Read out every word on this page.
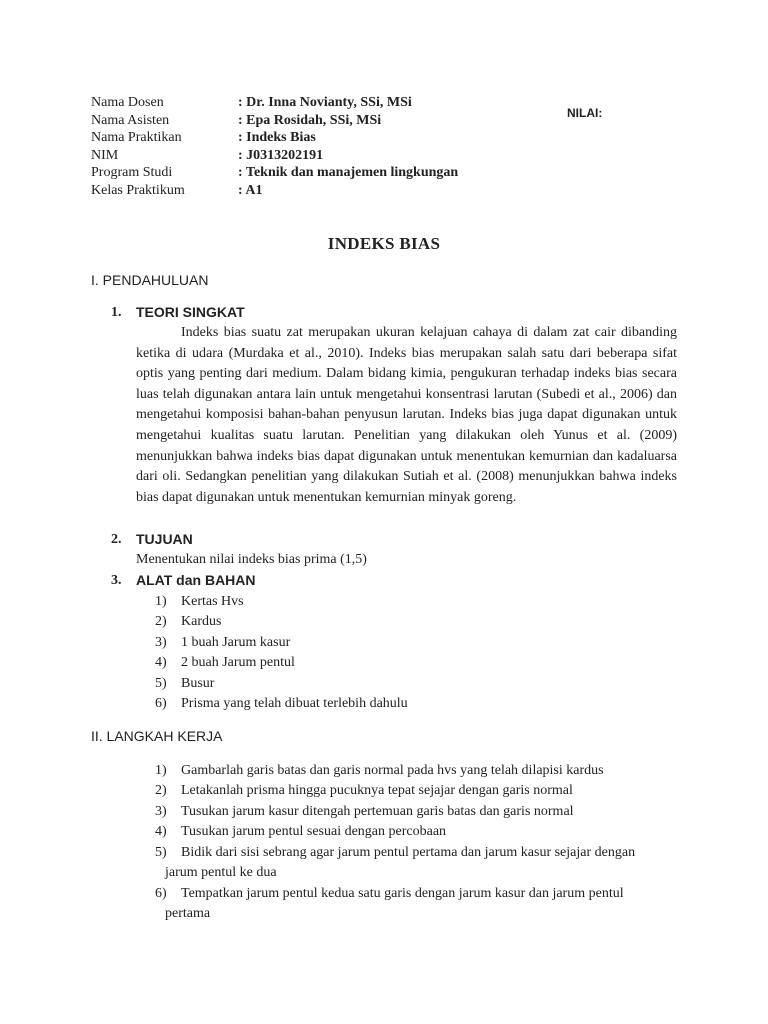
Nama Dosen	: Dr. Inna Novianty, SSi, MSi
Nama Asisten	: Epa Rosidah, SSi, MSi
Nama Praktikan	: Indeks Bias
NIM	: J0313202191
Program Studi	: Teknik dan manajemen lingkungan
Kelas Praktikum	: A1
NILAI:
INDEKS BIAS
I. PENDAHULUAN
1. TEORI SINGKAT
Indeks bias suatu zat merupakan ukuran kelajuan cahaya di dalam zat cair dibanding ketika di udara (Murdaka et al., 2010). Indeks bias merupakan salah satu dari beberapa sifat optis yang penting dari medium. Dalam bidang kimia, pengukuran terhadap indeks bias secara luas telah digunakan antara lain untuk mengetahui konsentrasi larutan (Subedi et al., 2006) dan mengetahui komposisi bahan-bahan penyusun larutan. Indeks bias juga dapat digunakan untuk mengetahui kualitas suatu larutan. Penelitian yang dilakukan oleh Yunus et al. (2009) menunjukkan bahwa indeks bias dapat digunakan untuk menentukan kemurnian dan kadaluarsa dari oli. Sedangkan penelitian yang dilakukan Sutiah et al. (2008) menunjukkan bahwa indeks bias dapat digunakan untuk menentukan kemurnian minyak goreng.
2. TUJUAN
Menentukan nilai indeks bias prima (1,5)
3. ALAT dan BAHAN
1) Kertas Hvs
2) Kardus
3) 1 buah Jarum kasur
4) 2 buah Jarum pentul
5) Busur
6) Prisma yang telah dibuat terlebih dahulu
II. LANGKAH KERJA
1) Gambarlah garis batas dan garis normal pada hvs yang telah dilapisi kardus
2) Letakanlah prisma hingga pucuknya tepat sejajar dengan garis normal
3) Tusukan jarum kasur ditengah pertemuan garis batas dan garis normal
4) Tusukan jarum pentul sesuai dengan percobaan
5) Bidik dari sisi sebrang agar jarum pentul pertama dan jarum kasur sejajar dengan
jarum pentul ke dua
6) Tempatkan jarum pentul kedua satu garis dengan jarum kasur dan jarum pentul
pertama
